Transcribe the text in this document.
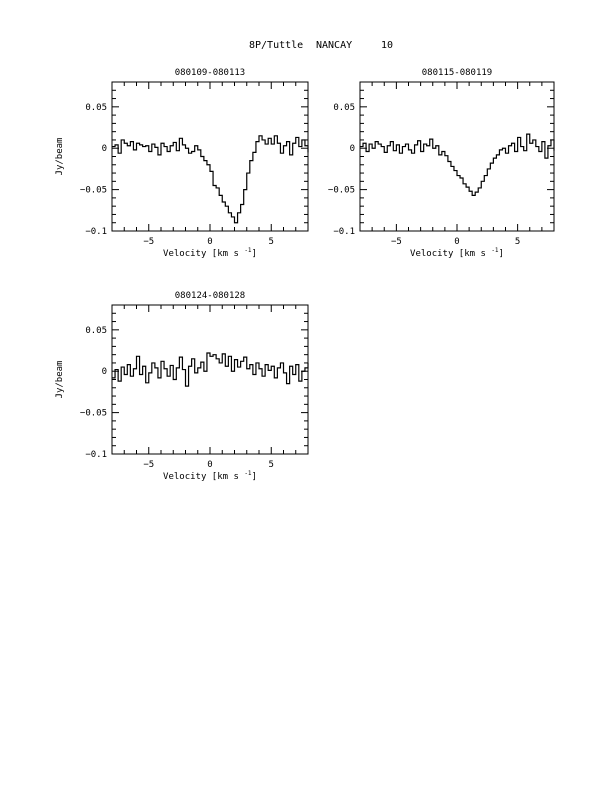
8P/Tuttle NANCAY	10
080109-080113
−5	0	5
−0.1
−0.05
0
0.05
Velocity [km s $^{-1}$]
Jy/beam
080115-080119
−5	0	5
−0.1
−0.05
0
0.05
Velocity [km s $^{-1}$]
080124-080128
−5	0	5
−0.1
−0.05
0
0.05
Velocity [km s $^{-1}$]
Jy/beam
